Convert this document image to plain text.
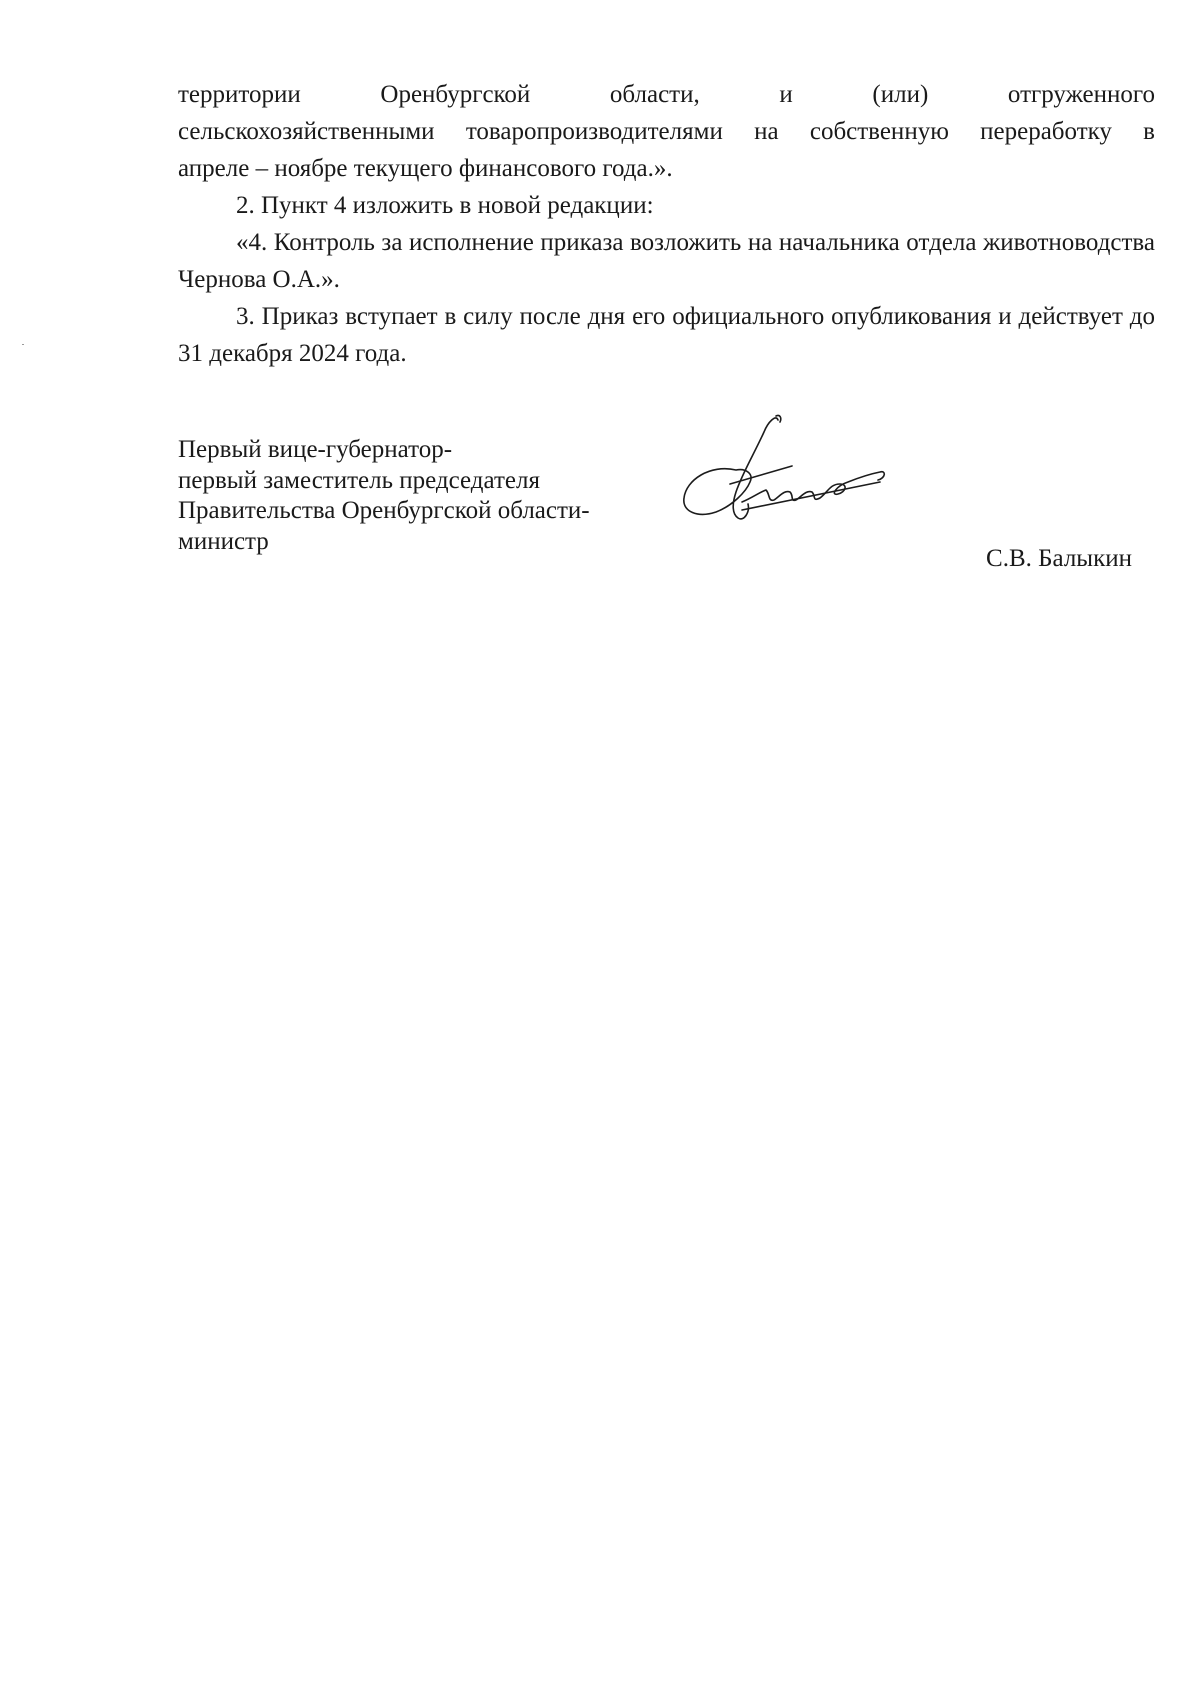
территории	Оренбургской	области,	и	(или)	отгруженного
сельскохозяйственными товаропроизводителями на собственную переработку в
апреле – ноябре текущего финансового года.».

2. Пункт 4 изложить в новой редакции:

«4. Контроль за исполнение приказа возложить на начальника отдела животноводства Чернова О.А.».

3. Приказ вступает в силу после дня его официального опубликования и действует до 31 декабря 2024 года.

Первый вице-губернатор-
первый заместитель председателя
Правительства Оренбургской области-
министр
С.В. Балыкин
